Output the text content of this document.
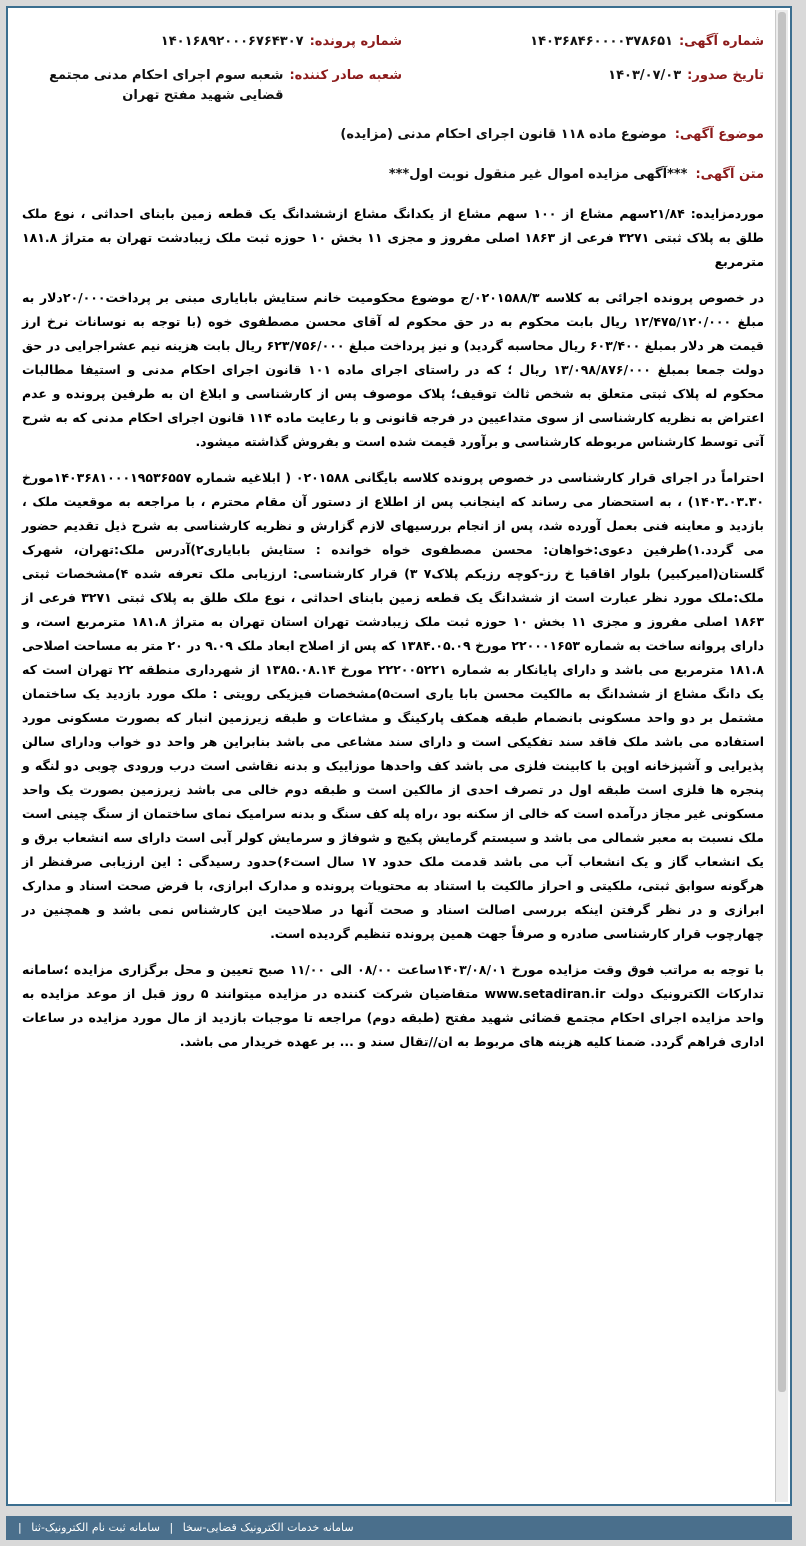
شماره آگهی:
۱۴۰۳۶۸۴۶۰۰۰۰۳۷۸۶۵۱
شماره پرونده:
۱۴۰۱۶۸۹۲۰۰۰۶۷۶۴۳۰۷
تاریخ صدور:
۱۴۰۳/۰۷/۰۳
شعبه صادر کننده:
شعبه سوم اجرای احکام مدنی مجتمع قضایی شهید مفتح تهران
موضوع آگهی:
موضوع ماده ۱۱۸ قانون اجرای احکام مدنی (مزایده)
متن آگهی:
***آگهی مزایده اموال غیر منقول نوبت اول***

موردمزایده: ۲۱/۸۴سهم مشاع از ۱۰۰ سهم مشاع از یکدانگ مشاع ازششدانگ یک قطعه زمین بابنای احداثی ، نوع ملک طلق به پلاک ثبتی ۳۲۷۱ فرعی از ۱۸۶۳ اصلی مفروز و مجزی ۱۱ بخش ۱۰ حوزه ثبت ملک زیبادشت تهران به متراژ ۱۸۱.۸ مترمربع

در خصوص پرونده اجرائی به کلاسه ۰۲۰۱۵۸۸/۳/ج موضوع محکومیت خانم ستایش بابایاری مبنی بر پرداخت۲۰/۰۰۰دلار به مبلغ ۱۲/۴۷۵/۱۲۰/۰۰۰ ریال بابت محکوم به در حق محکوم له آقای محسن مصطفوی خوه (با توجه به نوسانات نرخ ارز قیمت هر دلار بمبلغ ۶۰۳/۴۰۰ ریال محاسبه گردید) و نیز پرداخت مبلغ ۶۲۳/۷۵۶/۰۰۰ ریال بابت هزینه نیم عشراجرایی در حق دولت جمعا بمبلغ ۱۳/۰۹۸/۸۷۶/۰۰۰ ریال ؛ که در راستای اجرای ماده ۱۰۱ قانون اجرای احکام مدنی و استیفا مطالبات محکوم له پلاک ثبتی متعلق به شخص ثالث توقیف؛ پلاک موصوف پس از کارشناسی و ابلاغ ان به طرفین پرونده و عدم اعتراض به نظریه کارشناسی از سوی متداعیین در فرجه قانونی و با رعایت ماده ۱۱۴ قانون اجرای احکام مدنی که به شرح آتی توسط کارشناس مربوطه کارشناسی و برآورد قیمت شده است و بفروش گذاشته میشود.

احتراماً در اجرای قرار کارشناسی در خصوص پرونده کلاسه بایگانی ۰۲۰۱۵۸۸ ( ابلاغیه شماره ۱۴۰۳۶۸۱۰۰۰۱۹۵۳۶۵۵۷مورخ ۱۴۰۳.۰۳.۳۰) ، به استحضار می رساند که اینجانب پس از اطلاع از دستور آن مقام محترم ، با مراجعه به موقعیت ملک ، بازدید و معاینه فنی بعمل آورده شد، پس از انجام بررسیهای لازم گزارش و نظریه کارشناسی به شرح ذیل تقدیم حضور می گردد.۱)طرفین دعوی:خواهان: محسن مصطفوی خواه خوانده : ستایش بابایاری۲)آدرس ملک:تهران، شهرک گلستان(امیرکبیر) بلوار اقاقیا خ رز-کوچه رزیکم پلاک۷ ۳) قرار کارشناسی: ارزیابی ملک تعرفه شده ۴)مشخصات ثبتی ملک:ملک مورد نظر عبارت است از ششدانگ یک قطعه زمین بابنای احداثی ، نوع ملک طلق به پلاک ثبتی ۳۲۷۱ فرعی از ۱۸۶۳ اصلی مفروز و مجزی ۱۱ بخش ۱۰ حوزه ثبت ملک زیبادشت تهران استان تهران به متراژ ۱۸۱.۸ مترمربع است، و دارای پروانه ساخت به شماره ۲۲۰۰۰۱۶۵۳ مورخ ۱۳۸۴.۰۵.۰۹ که پس از اصلاح ابعاد ملک ۹.۰۹ در ۲۰ متر به مساحت اصلاحی ۱۸۱.۸ مترمربع می باشد و دارای پایانکار به شماره ۲۲۲۰۰۵۲۲۱ مورخ ۱۳۸۵.۰۸.۱۴ از شهرداری منطقه ۲۲ تهران است که یک دانگ مشاع از ششدانگ به مالکیت محسن بابا یاری است۵)مشخصات فیزیکی رویتی : ملک مورد بازدید یک ساختمان مشتمل بر دو واحد مسکونی بانضمام طبقه همکف پارکینگ و مشاعات و طبقه زیرزمین انبار که بصورت مسکونی مورد استفاده می باشد ملک فاقد سند تفکیکی است و دارای سند مشاعی می باشد بنابراین هر واحد دو خواب ودارای سالن پذیرایی و آشپزخانه اوپن با کابینت فلزی می باشد کف واحدها موزاییک و بدنه نقاشی است درب ورودی چوبی دو لنگه و پنجره ها فلزی است طبقه اول در تصرف احدی از مالکین است و طبقه دوم خالی می باشد زیرزمین بصورت یک واحد مسکونی غیر مجاز درآمده است که خالی از سکنه بود ،راه پله کف سنگ و بدنه سرامیک نمای ساختمان از سنگ چینی است ملک نسبت به معبر شمالی می باشد و سیستم گرمایش پکیج و شوفاژ و سرمایش کولر آبی است دارای سه انشعاب برق و یک انشعاب گاز و یک انشعاب آب می باشد قدمت ملک حدود ۱۷ سال است۶)حدود رسیدگی : این ارزیابی صرفنظر از هرگونه سوابق ثبتی، ملکیتی و احراز مالکیت با استناد به محتویات پرونده و مدارک ابرازی، با فرض صحت اسناد و مدارک ابرازی و در نظر گرفتن اینکه بررسی اصالت اسناد و صحت آنها در صلاحیت این کارشناس نمی باشد و همچنین در چهارچوب قرار کارشناسی صادره و صرفاً جهت همین پرونده تنظیم گردیده است.

با توجه به مراتب فوق وقت مزایده مورخ ۱۴۰۳/۰۸/۰۱ساعت ۰۸/۰۰ الی ۱۱/۰۰ صبح تعیین و محل برگزاری مزایده ؛سامانه تدارکات الکترونیک دولت www.setadiran.ir متقاضیان شرکت کننده در مزایده میتوانند ۵ روز قبل از موعد مزایده به واحد مزایده اجرای احکام مجتمع قضائی شهید مفتح (طبقه دوم) مراجعه تا موجبات بازدید از مال مورد مزایده در ساعات اداری فراهم گردد. ضمنا کلیه هزینه های مربوط به ان//تقال سند و ... بر عهده خریدار می باشد.

سامانه خدمات الکترونیک قضایی-سخا | سامانه ثبت نام الکترونیک-ثنا |
